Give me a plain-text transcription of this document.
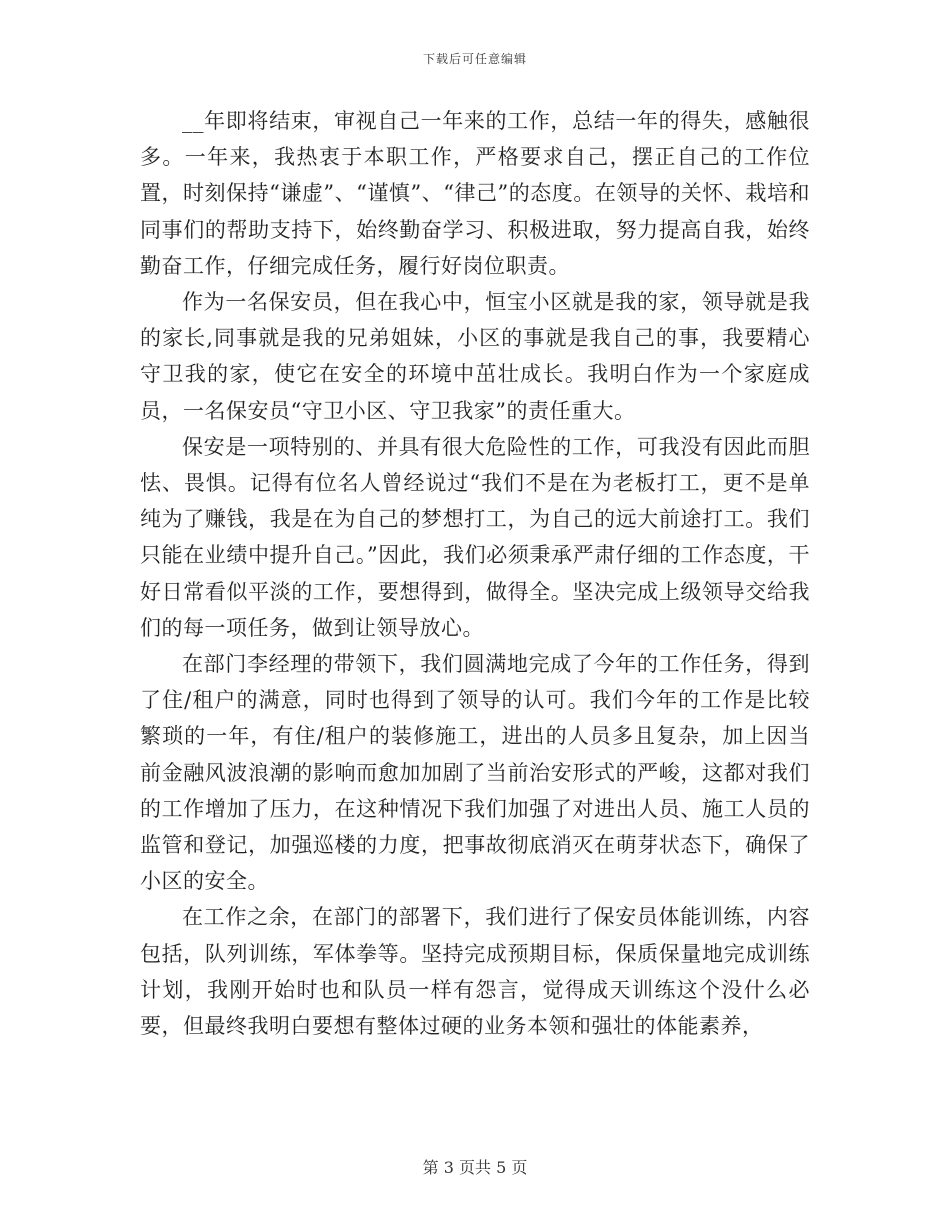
下载后可任意编辑

__年即将结束，审视自己一年来的工作，总结一年的得失，感触很多。一年来，我热衷于本职工作，严格要求自己，摆正自己的工作位置，时刻保持“谦虚”、“谨慎”、“律己”的态度。在领导的关怀、栽培和同事们的帮助支持下，始终勤奋学习、积极进取，努力提高自我，始终勤奋工作，仔细完成任务，履行好岗位职责。

作为一名保安员，但在我心中，恒宝小区就是我的家，领导就是我的家长,同事就是我的兄弟姐妹，小区的事就是我自己的事，我要精心守卫我的家，使它在安全的环境中茁壮成长。我明白作为一个家庭成员，一名保安员“守卫小区、守卫我家”的责任重大。

保安是一项特别的、并具有很大危险性的工作，可我没有因此而胆怯、畏惧。记得有位名人曾经说过“我们不是在为老板打工，更不是单纯为了赚钱，我是在为自己的梦想打工，为自己的远大前途打工。我们只能在业绩中提升自己。”因此，我们必须秉承严肃仔细的工作态度，干好日常看似平淡的工作，要想得到，做得全。坚决完成上级领导交给我们的每一项任务，做到让领导放心。

在部门李经理的带领下，我们圆满地完成了今年的工作任务，得到了住/租户的满意，同时也得到了领导的认可。我们今年的工作是比较繁琐的一年，有住/租户的装修施工，进出的人员多且复杂，加上因当前金融风波浪潮的影响而愈加加剧了当前治安形式的严峻，这都对我们的工作增加了压力，在这种情况下我们加强了对进出人员、施工人员的监管和登记，加强巡楼的力度，把事故彻底消灭在萌芽状态下，确保了小区的安全。

在工作之余，在部门的部署下，我们进行了保安员体能训练，内容包括，队列训练，军体拳等。坚持完成预期目标，保质保量地完成训练计划，我刚开始时也和队员一样有怨言，觉得成天训练这个没什么必要，但最终我明白要想有整体过硬的业务本领和强壮的体能素养，

第 3 页共 5 页
